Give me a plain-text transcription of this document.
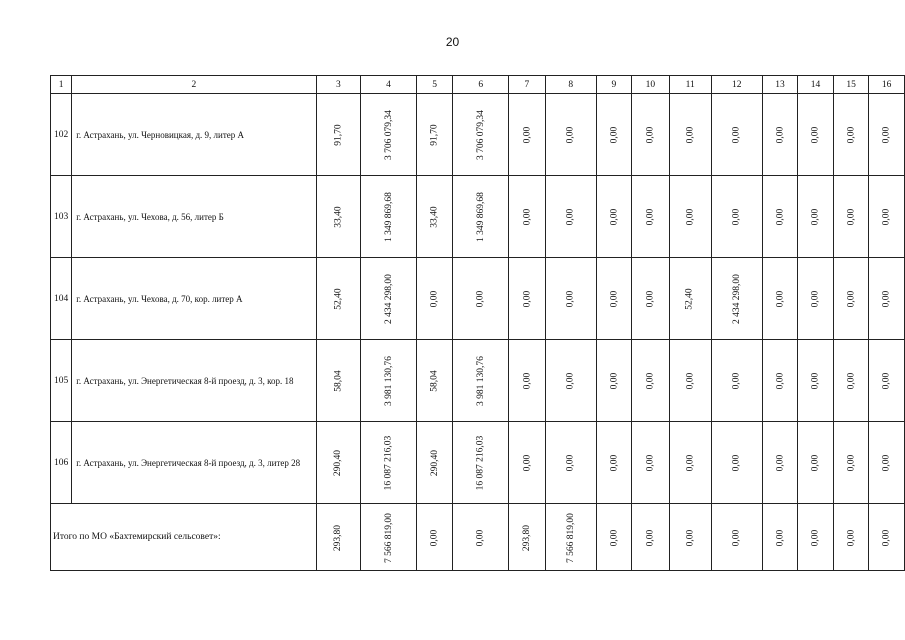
20
1	2	3	4	5	6	7	8	9	10	11	12	13	14	15	16
102	г. Астрахань, ул. Черновицкая, д. 9, литер А	91,70	3 706 079,34	91,70	3 706 079,34	0,00	0,00	0,00	0,00	0,00	0,00	0,00	0,00	0,00	0,00
103	г. Астрахань, ул. Чехова, д. 56, литер Б	33,40	1 349 869,68	33,40	1 349 869,68	0,00	0,00	0,00	0,00	0,00	0,00	0,00	0,00	0,00	0,00
104	г. Астрахань, ул. Чехова, д. 70, кор. литер А	52,40	2 434 298,00	0,00	0,00	0,00	0,00	0,00	0,00	52,40	2 434 298,00	0,00	0,00	0,00	0,00
105	г. Астрахань, ул. Энергетическая 8-й проезд, д. 3, кор. 18	58,04	3 981 130,76	58,04	3 981 130,76	0,00	0,00	0,00	0,00	0,00	0,00	0,00	0,00	0,00	0,00
106	г. Астрахань, ул. Энергетическая 8-й проезд, д. 3, литер 28	290,40	16 087 216,03	290,40	16 087 216,03	0,00	0,00	0,00	0,00	0,00	0,00	0,00	0,00	0,00	0,00
Итого по МО «Бахтемирский сельсовет»:		293,80	7 566 819,00	0,00	0,00	293,80	7 566 819,00	0,00	0,00	0,00	0,00	0,00	0,00	0,00	0,00
